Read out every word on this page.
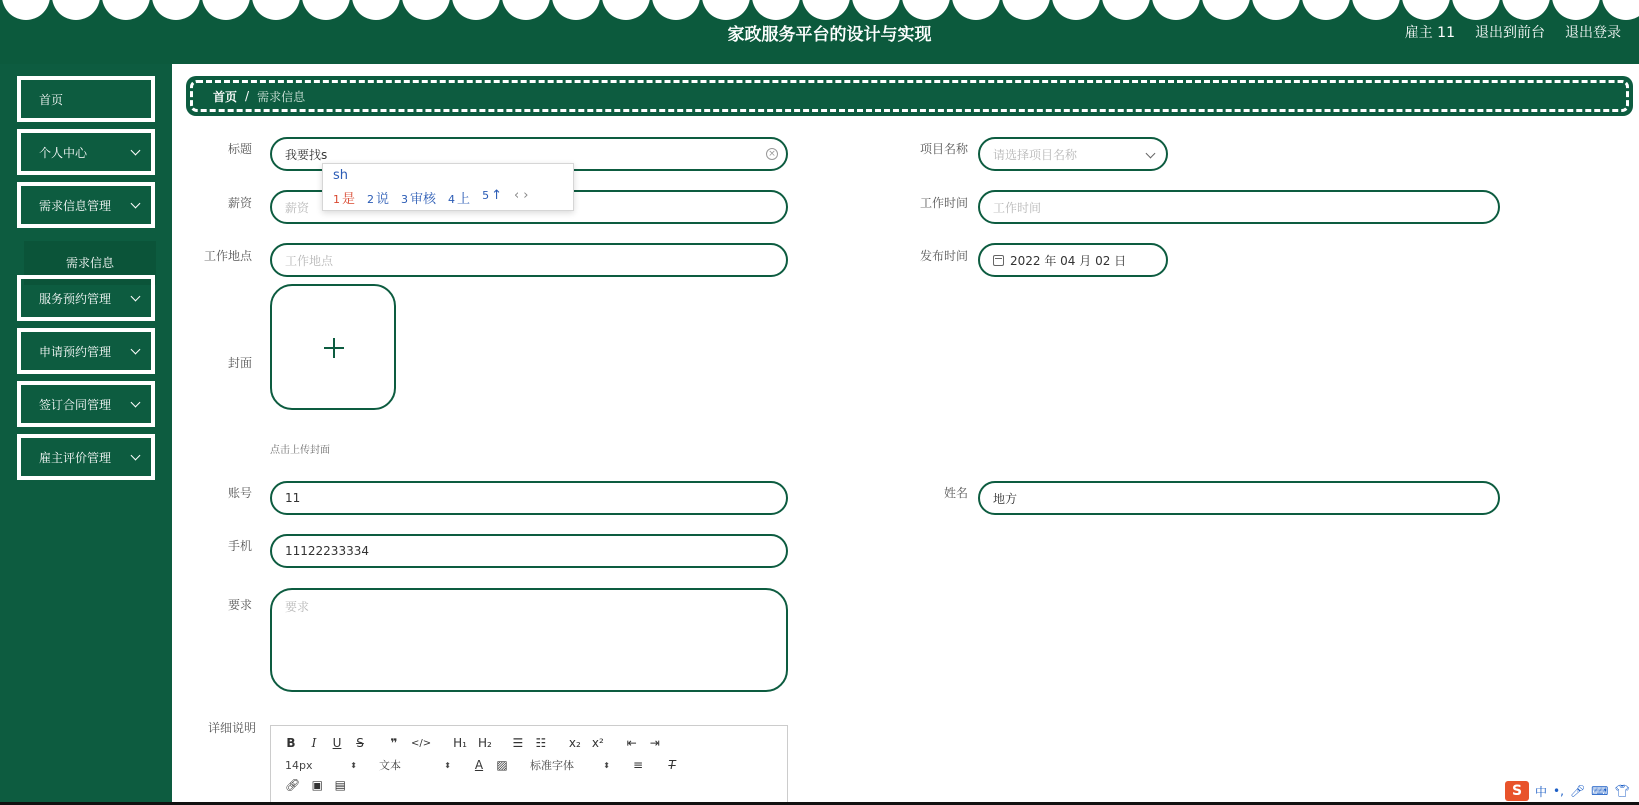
家政服务平台的设计与实现	雇主 11 退出到前台 退出登录
首页
个人中心
需求信息管理
需求信息
服务预约管理
申请预约管理
签订合同管理
雇主评价管理
首页 / 需求信息
标题	我要找s	×	项目名称 请选择项目名称
薪资	薪资	工作时间 工作时间
工作地点	工作地点	发布时间	2022 年 04 月 02 日
封面
点击上传封面
账号	11	姓名 地方
手机	11122233334
要求	要求
详细说明
B	I	U S ❞ </> H₁ H₂ ☰ ☷ x₂ x² ⇤ ⇥
14px	⬍ 文本	⬍ A ▨ 标准字体	⬍ ≡ T
🔗︎ ▣ ▤
sh
1 是 2 说 3 审核 4 上 5 ↑ ‹ ›
S	中 •, 🎤︎ ⌨ 👕︎
